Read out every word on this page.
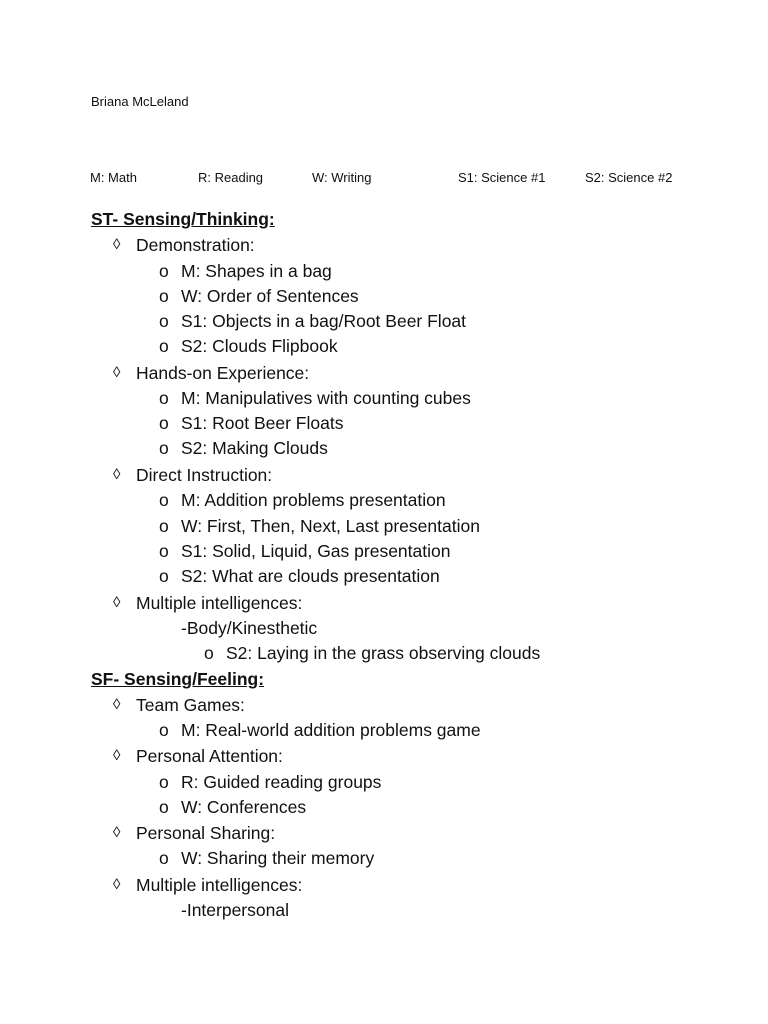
Briana McLeland
M: Math	R: Reading	W: Writing	S1: Science #1	S2: Science #2
ST- Sensing/Thinking:
◊ Demonstration:
o M: Shapes in a bag
o W: Order of Sentences
o S1: Objects in a bag/Root Beer Float
o S2: Clouds Flipbook
◊ Hands-on Experience:
o M: Manipulatives with counting cubes
o S1: Root Beer Floats
o S2: Making Clouds
◊ Direct Instruction:
o M: Addition problems presentation
o W: First, Then, Next, Last presentation
o S1: Solid, Liquid, Gas presentation
o S2: What are clouds presentation
◊ Multiple intelligences:
-Body/Kinesthetic
o S2: Laying in the grass observing clouds
SF- Sensing/Feeling:
◊ Team Games:
o M: Real-world addition problems game
◊ Personal Attention:
o R: Guided reading groups
o W: Conferences
◊ Personal Sharing:
o W: Sharing their memory
◊ Multiple intelligences:
-Interpersonal
